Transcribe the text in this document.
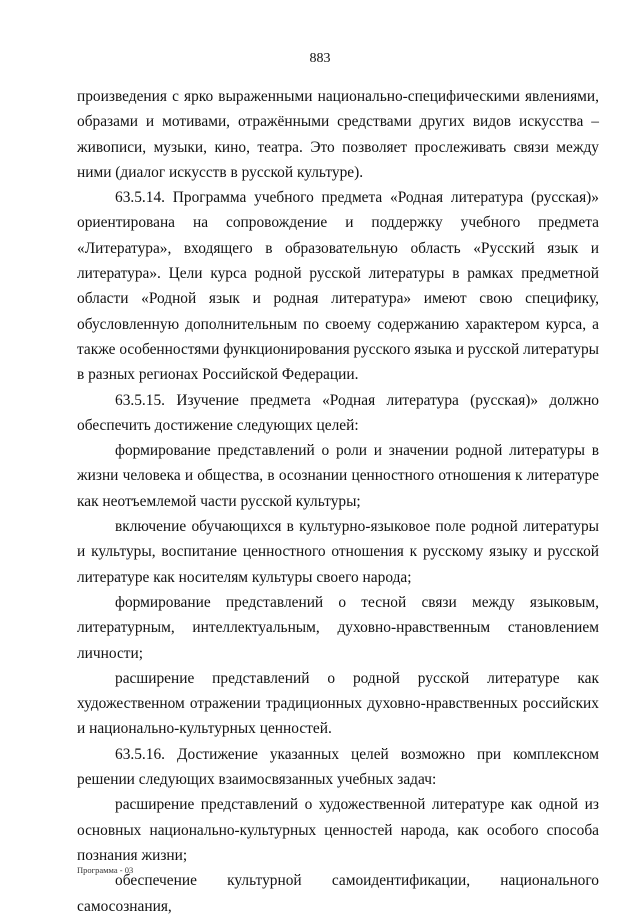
883

произведения с ярко выраженными национально-специфическими явлениями, образами и мотивами, отражёнными средствами других видов искусства – живописи, музыки, кино, театра. Это позволяет прослеживать связи между ними (диалог искусств в русской культуре).

63.5.14. Программа учебного предмета «Родная литература (русская)» ориентирована на сопровождение и поддержку учебного предмета «Литература», входящего в образовательную область «Русский язык и литература». Цели курса родной русской литературы в рамках предметной области «Родной язык и родная литература» имеют свою специфику, обусловленную дополнительным по своему содержанию характером курса, а также особенностями функционирования русского языка и русской литературы в разных регионах Российской Федерации.

63.5.15. Изучение предмета «Родная литература (русская)» должно обеспечить достижение следующих целей:

формирование представлений о роли и значении родной литературы в жизни человека и общества, в осознании ценностного отношения к литературе как неотъемлемой части русской культуры;

включение обучающихся в культурно-языковое поле родной литературы и культуры, воспитание ценностного отношения к русскому языку и русской литературе как носителям культуры своего народа;

формирование представлений о тесной связи между языковым, литературным, интеллектуальным, духовно-нравственным становлением личности;

расширение представлений о родной русской литературе как художественном отражении традиционных духовно-нравственных российских и национально-культурных ценностей.

63.5.16. Достижение указанных целей возможно при комплексном решении следующих взаимосвязанных учебных задач:

расширение представлений о художественной литературе как одной из основных национально-культурных ценностей народа, как особого способа познания жизни;

обеспечение культурной самоидентификации, национального самосознания,

Программа - 03
